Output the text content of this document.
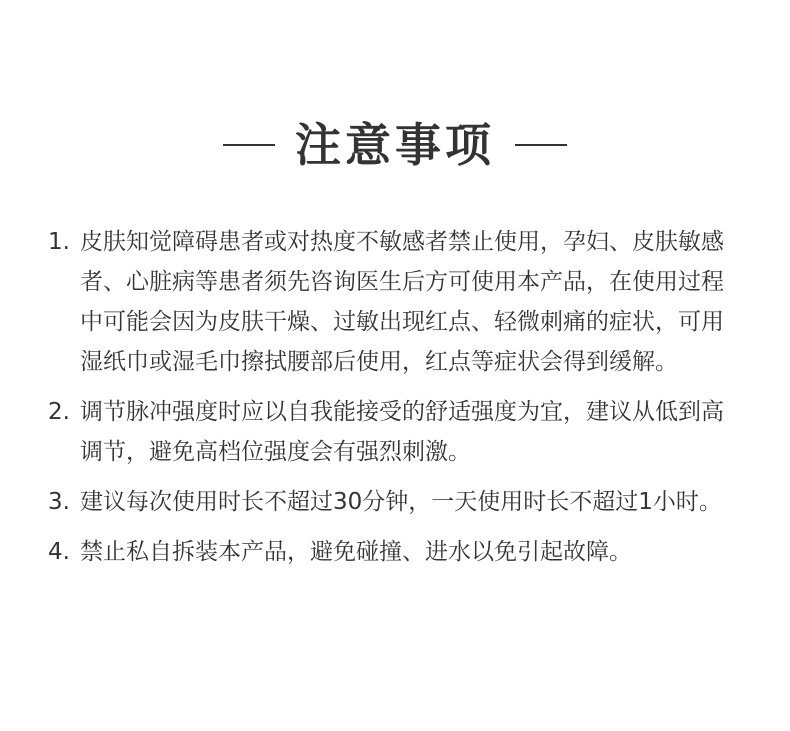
注意事项
1. 皮肤知觉障碍患者或对热度不敏感者禁止使用，孕妇、皮肤敏感者、心脏病等患者须先咨询医生后方可使用本产品，在使用过程中可能会因为皮肤干燥、过敏出现红点、轻微刺痛的症状，可用湿纸巾或湿毛巾擦拭腰部后使用，红点等症状会得到缓解。
2. 调节脉冲强度时应以自我能接受的舒适强度为宜，建议从低到高调节，避免高档位强度会有强烈刺激。
3. 建议每次使用时长不超过30分钟，一天使用时长不超过1小时。
4. 禁止私自拆装本产品，避免碰撞、进水以免引起故障。
